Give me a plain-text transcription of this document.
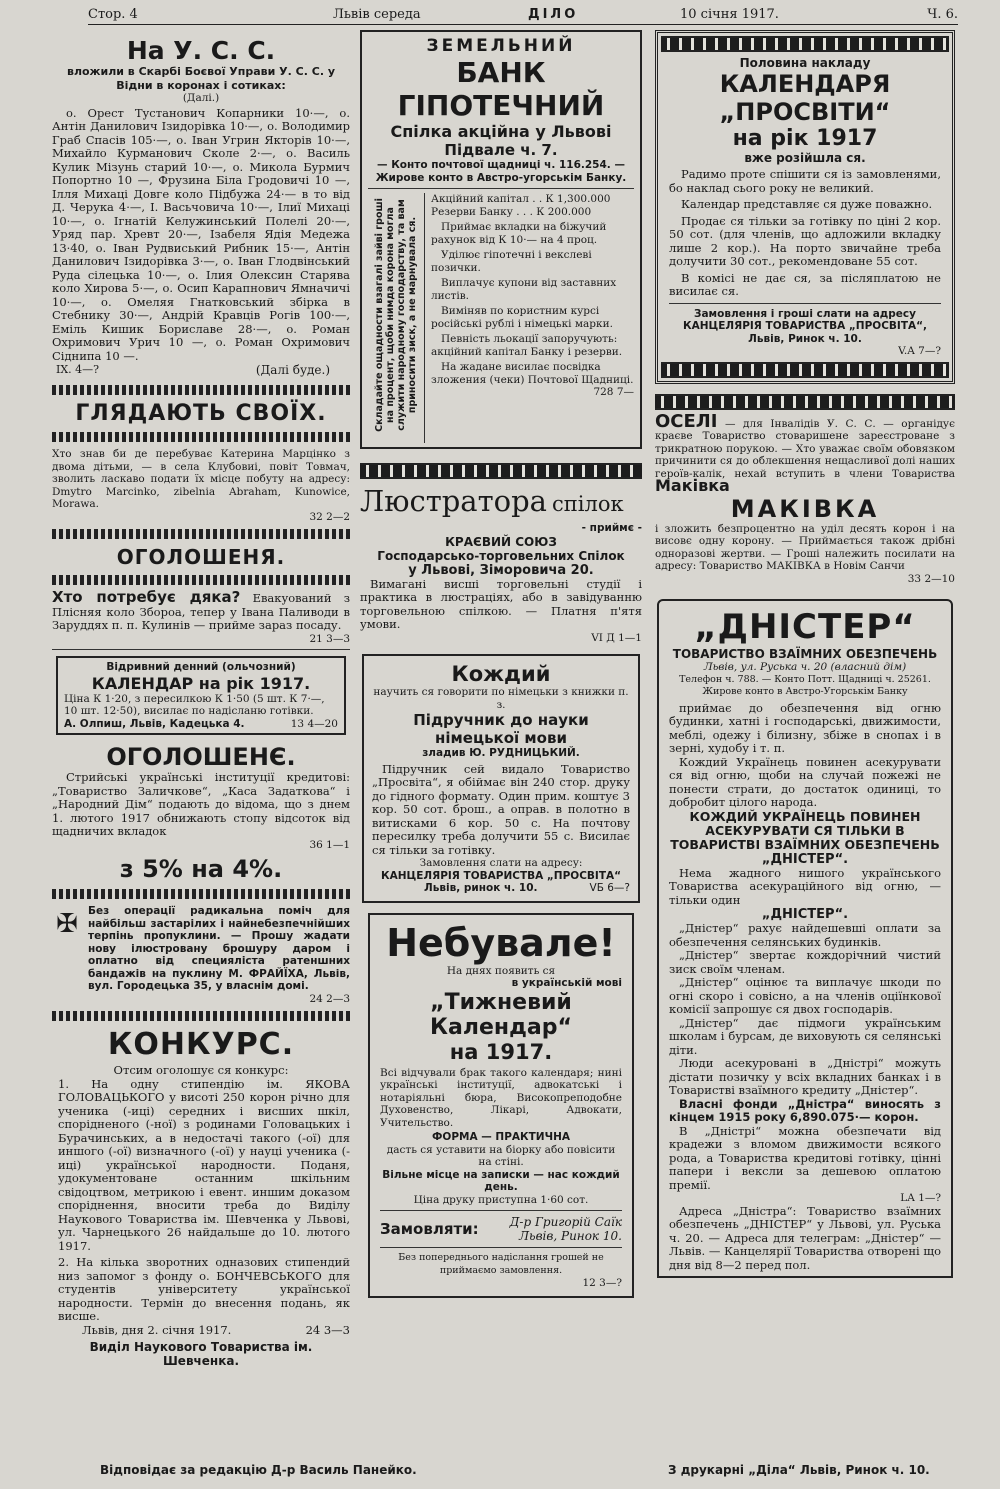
Стор. 4	Львів середа	ДІЛО	10 січня 1917.	Ч. 6.
На У. С. С.

вложили в Скарбі Боєвої Управи У. С. С. у Відни в коронах і сотиках:

(Далі.)

о. Орест Тустанович Копарники 10·—, о. Антін Данилович Ізидорівка 10·—, о. Володимир Граб Спасів 105·—, о. Іван Угрин Якторів 10·—, Михайло Курманович Сколе 2·—, о. Василь Кулик Мізунь старий 10·—, о. Микола Бурмич Попортно 10 —, Фрузина Біла Гродовичі 10 —, Ілля Михаці Довге коло Підбужа 24·— в то від Д. Черука 4·—, І. Васьчовича 10·—, Ілиї Михаці 10·—, о. Ігнатій Келужинський Полелі 20·—, Уряд пар. Хревт 20·—, Ізабеля Ядія Медежа 13·40, о. Іван Рудвиський Рибник 15·—, Антін Данилович Ізидорівка 3·—, о. Іван Глодвінський Руда сілецька 10·—, о. Ілия Олексин Старява коло Хирова 5·—, о. Осип Карапнович Ямначичі 10·—, о. Омеляя Гнатковський збірка в Стебнику 30·—, Андрій Кравців Рогів 100·—, Еміль Кишик Бориславе 28·—, о. Роман Охримович Урич 10 —, о. Роман Охримович Сіднипа 10 —.

ІХ. 4—?	(Далі буде.)
ГЛЯДАЮТЬ СВОЇХ.

Хто знав би де перебуває Катерина Марцінко з двома дітьми, — в села Клубовиі, повіт Товмач, зволить ласкаво подати їх місце побуту на адресу: Dmytro Marcinko, zibelnia Abraham, Kunowice, Morawa.

32 2—2

ОГОЛОШЕНЯ.

Хто потребує дяка? Евакуований з Плісняя коло Збороа, тепер у Івана Паливоди в Заруддях п. п. Кулинів — прийме зараз посаду.

21 3—3

Відривний денний (ольчозний)

КАЛЕНДАР на рік 1917.

Ціна К 1·20, з пересилкою К 1·50 (5 шт. К 7·—, 10 шт. 12·50), висилає по надісланю готівки.

А. Олпиш, Львів, Кадецька 4.	13 4—20

ОГОЛОШЕНЄ.

Стрийські українські інституції кредитові: „Товариство Заличкове“, „Каса Задаткова“ і „Народний Дім“ подають до відома, що з днем 1. лютого 1917 обнижають стопу відсоток від щадничих вкладок

36 1—1

з 5% на 4%.
✠ Без операції радикальна поміч для найбільш застарілих і найнебезпечнійших терпінь пропуклини. — Прошу жадати нову ілюстровану брошуру даром і оплатно від специяліста ратеншних бандажів на пуклину М. ФРАЙЇХА, Львів, вул. Городецька 35, у власнім домі.

24 2—3

КОНКУРС.

Отсим оголошує ся конкурс:

1. На одну стипендію ім. ЯКОВА ГОЛОВАЦЬКОГО у висоті 250 корон річно для ученика (-иці) середних і висших шкіл, спорідненого (-ної) з родинами Головацьких і Бурачинських, а в недостачі такого (-ої) для иншого (-ої) визначного (-ої) у науці ученика (-иці) української народности. Поданя, удокументоване останним шкільним свідоцтвом, метрикою і евент. иншим доказом споріднення, вносити треба до Виділу Наукового Товариства ім. Шевченка у Львові, ул. Чарнецького 26 найдальше до 10. лютого 1917.

2. На кілька зворотних одназових стипендий низ запомог з фонду о. БОНЧЕВСЬКОГО для студентів університету української народности. Термін до внесення подань, як висше.

Львів, дня 2. січня 1917.	24 3—3

Виділ Наукового Товариства ім. Шевченка.

ЗЕМЕЛЬНИЙ

БАНК ГІПОТЕЧНИЙ

Спілка акційна у Львові

Підвале ч. 7.

— Конто почтової щадниці ч. 116.254. —

Жирове конто в Австро-угорськім Банку.

Складайте ощадности взагалі зайві гроші на процент, щоби нимда корона могла служити народному господарству, та вам приносити зиск, а не марнувала ся.

Акційний капітал . . К 1,300.000

Резерви Банку . . . К 200.000

Приймає вкладки на біжучий рахунок від К 10·— на 4 проц.

Уділює гіпотечні і векслеві позички.

Виплачує купони від заставних листів.

Виміняв по користним курсі російські рублі і німецькі марки.

Певність льокації запоручують: акційний капітал Банку і резерви.

На жадане висилає посвідка зложения (чеки) Почтової Щадниці.

728 7—

Люстратора спілок

- приймє -

КРАЄВИЙ СОЮЗ

Господарсько-торговельних Спілок

у Львові, Зіморовича 20.

Вимагані висші торговельні студії і практика в люстраціях, або в завідуванню торговельною спілкою. — Платня п'ятя умови.

VI Д 1—1

Кождий

научить ся говорити по німецьки з книжки п. з.

Підручник до науки німецької мови

зладив Ю. РУДНИЦЬКИЙ.

Підручник сей видало Товариство „Просвіта“, я обіймає він 240 стор. друку до гідного формату. Один прим. коштує 3 кор. 50 сот. брош., а оправ. в полотно в витисками 6 кор. 50 с. На почтову пересилку треба долучити 55 с. Висилає ся тільки за готівку.

Замовлення слати на адресу:

КАНЦЕЛЯРІЯ ТОВАРИСТВА „ПРОСВІТА“

Львів, ринок ч. 10.	VБ 6—?

Небувале!

На днях появить ся

в українській мові

„Тижневий Календар“

на 1917.

Всі відчували брак такого календаря; нині українські інституції, адвокатські і нотаріяльні бюра, Високопреподобне Духовенство, Лікарі, Адвокати, Учительство.

ФОРМА — ПРАКТИЧНА

дасть ся уставити на біорку або повісити на стіні.

Вільне місце на записки — нас кождий день.

Ціна друку приступна 1·60 сот.

Замовляти:	Д-р Григорій Саїк
Львів, Ринок 10.

Без попереднього надіслання грошей не приймаємо замовлення.

12 3—?

Половина накладу

КАЛЕНДАРЯ „ПРОСВІТИ“

на рік 1917

вже розійшла ся.

Радимо проте спішити ся із замовленями, бо наклад сього року не великий.

Календар представляє ся дуже поважно.

Продає ся тільки за готівку по ціні 2 кор. 50 сот. (для членів, що адложили вкладку лише 2 кор.). На порто звичайне треба долучити 30 сот., рекомендоване 55 сот.

В комісі не дає ся, за післяплатою не висилає ся.

Замовлення і гроші слати на адресу

КАНЦЕЛЯРІЯ ТОВАРИСТВА „ПРОСВІТА“,

Львів, Ринок ч. 10.

V.A 7—?

ОСЕЛІ — для Інвалідів У. С. С. — органідує краєве Товариство стоваришене зареєстроване з трикратною порукою. — Хто уважає своїм обовязком причинити ся до облекшення нещасливої долі наших героїв-калік, нехай вступить в члени Товариства Маківка

МАКІВКА

і зложить безпроцентно на уділ десять корон і на висовє одну корону. — Приймається також дрібні одноразові жертви. — Гроші належить посилати на адресу: Товариство МАКІВКА в Новім Санчи

33 2—10

„ДНІСТЕР“

ТОВАРИСТВО ВЗАЇМНИХ ОБЕЗПЕЧЕНЬ

Львів, ул. Руська ч. 20 (власний дім)

Телефон ч. 788. — Конто Потт. Щадниці ч. 25261.

Жирове конто в Австро-Угорськім Банку

приймає до обезпечення від огню будинки, хатні і господарські, движимости, меблі, одежу і білизну, збіже в снопах і в зерні, худобу і т. п.

Кождий Українець повинен асекурувати ся від огню, щоби на случай пожежі не понести страти, до достаток одиниці, то добробит цілого народа.

КОЖДИЙ УКРАЇНЕЦЬ ПОВИНЕН АСЕКУРУВАТИ СЯ ТІЛЬКИ В ТОВАРИСТВІ ВЗАЇМНИХ ОБЕЗПЕЧЕНЬ

„ДНІСТЕР“.

Нема жадного нишого українського Товариства асекураційного від огню, — тільки один

„ДНІСТЕР“.

„Дністер“ рахує найдешевші оплати за обезпечення селянських будинків.

„Дністер“ звертає кождорічний чистий зиск своїм членам.

„Дністер“ оцінює та виплачує шкоди по огні скоро і совісно, а на членів оціїнкової комісії запрошує ся двох господарів.

„Дністер“ дає підмоги українським школам і бурсам, де виховують ся селянські діти.

Люди асекуровані в „Дністрі“ можуть дістати позичку у всіх вкладних банках і в Товаристві взаїмного кредиту „Дністер“.

Власні фонди „Дністра“ виносять з кінцем 1915 року 6,890.075·— корон.

В „Дністрі“ можна обезпечати від крадежи з вломом движимости всякого рода, а Товариства кредитові готівку, цінні папери і вексли за дешевою оплатою премії.

LA 1—?

Адреса „Дністра“: Товариство взаїмних обезпечень „ДНІСТЕР“ у Львові, ул. Руська ч. 20. — Адреса для телеграм: „Дністер“ — Львів. — Канцелярії Товариства отворені що дня від 8—2 перед пол.

Відповідає за редакцію Д-р Василь Панейко.	З друкарні „Діла“ Львів, Ринок ч. 10.
